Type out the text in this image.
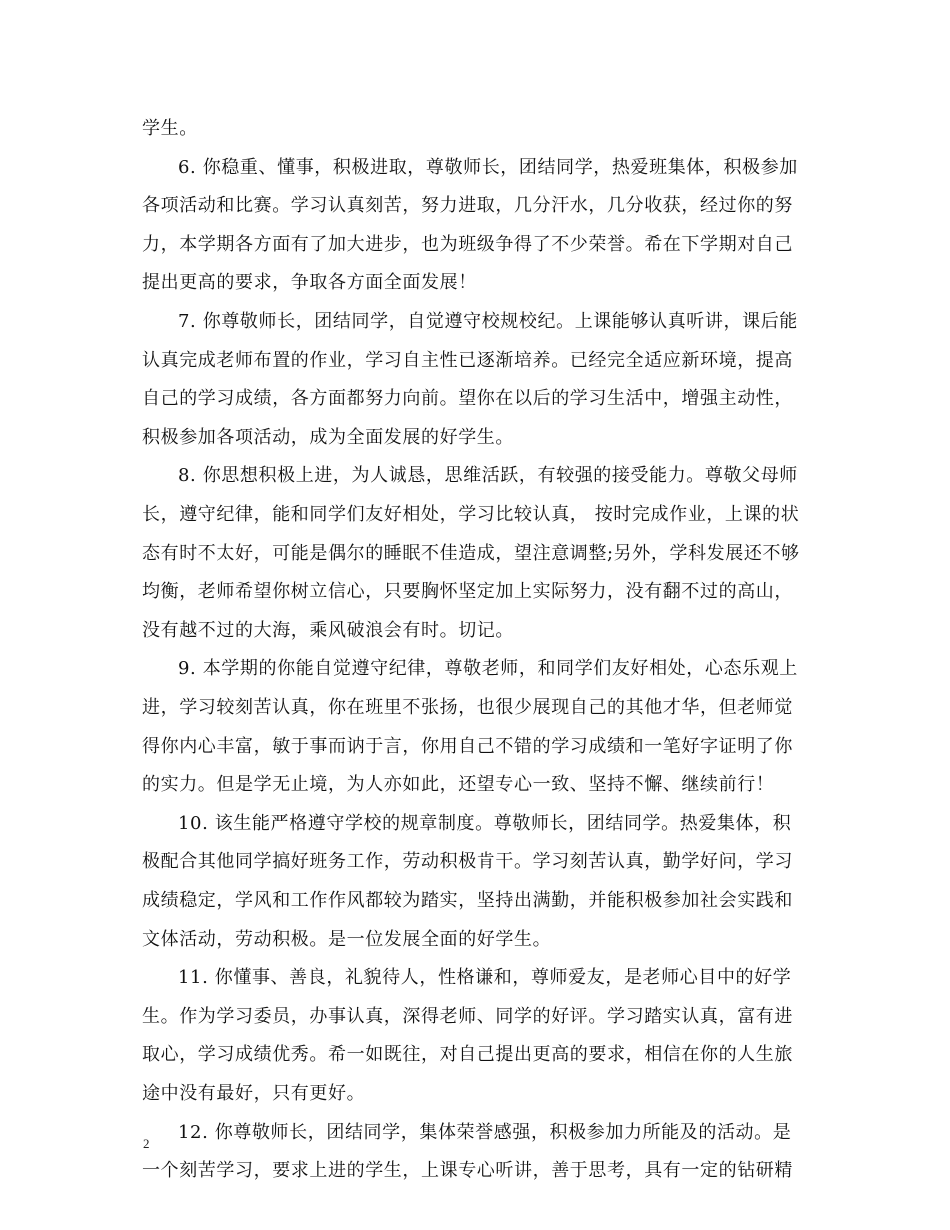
学生。
6. 你稳重、懂事，积极进取，尊敬师长，团结同学，热爱班集体，积极参加
各项活动和比赛。学习认真刻苦，努力进取，几分汗水，几分收获，经过你的努
力，本学期各方面有了加大进步，也为班级争得了不少荣誉。希在下学期对自己
提出更高的要求，争取各方面全面发展！
7. 你尊敬师长，团结同学，自觉遵守校规校纪。上课能够认真听讲，课后能
认真完成老师布置的作业，学习自主性已逐渐培养。已经完全适应新环境，提高
自己的学习成绩，各方面都努力向前。望你在以后的学习生活中，增强主动性，
积极参加各项活动，成为全面发展的好学生。
8. 你思想积极上进，为人诚恳，思维活跃，有较强的接受能力。尊敬父母师
长，遵守纪律，能和同学们友好相处，学习比较认真， 按时完成作业，上课的状
态有时不太好，可能是偶尔的睡眠不佳造成，望注意调整;另外，学科发展还不够
均衡，老师希望你树立信心，只要胸怀坚定加上实际努力，没有翻不过的高山，
没有越不过的大海，乘风破浪会有时。切记。
9. 本学期的你能自觉遵守纪律，尊敬老师，和同学们友好相处，心态乐观上
进，学习较刻苦认真，你在班里不张扬，也很少展现自己的其他才华，但老师觉
得你内心丰富，敏于事而讷于言，你用自己不错的学习成绩和一笔好字证明了你
的实力。但是学无止境，为人亦如此，还望专心一致、坚持不懈、继续前行！
10. 该生能严格遵守学校的规章制度。尊敬师长，团结同学。热爱集体，积
极配合其他同学搞好班务工作，劳动积极肯干。学习刻苦认真，勤学好问，学习
成绩稳定，学风和工作作风都较为踏实，坚持出满勤，并能积极参加社会实践和
文体活动，劳动积极。是一位发展全面的好学生。
11. 你懂事、善良，礼貌待人，性格谦和，尊师爱友，是老师心目中的好学
生。作为学习委员，办事认真，深得老师、同学的好评。学习踏实认真，富有进
取心，学习成绩优秀。希一如既往，对自己提出更高的要求，相信在你的人生旅
途中没有最好，只有更好。
12. 你尊敬师长，团结同学，集体荣誉感强，积极参加力所能及的活动。是
一个刻苦学习，要求上进的学生，上课专心听讲，善于思考，具有一定的钻研精
2
